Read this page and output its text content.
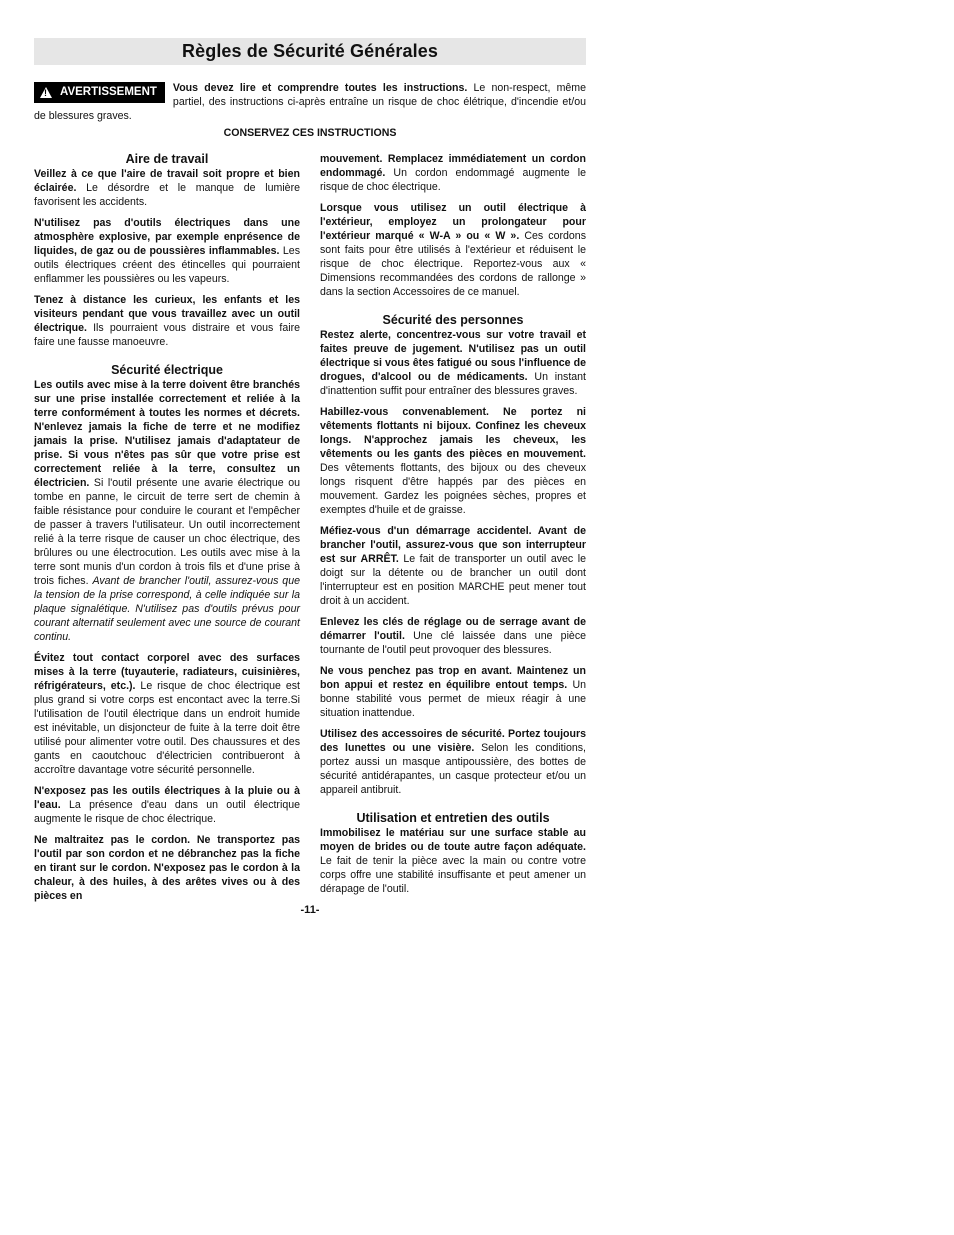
Règles de Sécurité Générales
! AVERTISSEMENT Vous devez lire et comprendre toutes les instructions. Le non-respect, même partiel, des instructions ci-après entraîne un risque de choc élétrique, d'incendie et/ou de blessures graves.
CONSERVEZ CES INSTRUCTIONS
Aire de travail

Veillez à ce que l'aire de travail soit propre et bien éclairée. Le désordre et le manque de lumière favorisent les accidents.

N'utilisez pas d'outils électriques dans une atmosphère explosive, par exemple enprésence de liquides, de gaz ou de poussières inflammables. Les outils électriques créent des étincelles qui pourraient enflammer les poussières ou les vapeurs.

Tenez à distance les curieux, les enfants et les visiteurs pendant que vous travaillez avec un outil électrique. Ils pourraient vous distraire et vous faire faire une fausse manoeuvre.

Sécurité électrique

Les outils avec mise à la terre doivent être branchés sur une prise installée correctement et reliée à la terre conformément à toutes les normes et décrets. N'enlevez jamais la fiche de terre et ne modifiez jamais la prise. N'utilisez jamais d'adaptateur de prise. Si vous n'êtes pas sûr que votre prise est correctement reliée à la terre, consultez un électricien. Si l'outil présente une avarie électrique ou tombe en panne, le circuit de terre sert de chemin à faible résistance pour conduire le courant et l'empêcher de passer à travers l'utilisateur. Un outil incorrectement relié à la terre risque de causer un choc électrique, des brûlures ou une électrocution. Les outils avec mise à la terre sont munis d'un cordon à trois fils et d'une prise à trois fiches. Avant de brancher l'outil, assurez-vous que la tension de la prise correspond, à celle indiquée sur la plaque signalétique. N'utilisez pas d'outils prévus pour courant alternatif seulement avec une source de courant continu.

Évitez tout contact corporel avec des surfaces mises à la terre (tuyauterie, radiateurs, cuisinières, réfrigérateurs, etc.). Le risque de choc électrique est plus grand si votre corps est encontact avec la terre.Si l'utilisation de l'outil électrique dans un endroit humide est inévitable, un disjoncteur de fuite à la terre doit être utilisé pour alimenter votre outil. Des chaussures et des gants en caoutchouc d'électricien contribueront à accroître davantage votre sécurité personnelle.

N'exposez pas les outils électriques à la pluie ou à l'eau. La présence d'eau dans un outil électrique augmente le risque de choc électrique.

Ne maltraitez pas le cordon. Ne transportez pas l'outil par son cordon et ne débranchez pas la fiche en tirant sur le cordon. N'exposez pas le cordon à la chaleur, à des huiles, à des arêtes vives ou à des pièces en

mouvement. Remplacez immédiatement un cordon endommagé. Un cordon endommagé augmente le risque de choc électrique.

Lorsque vous utilisez un outil électrique à l'extérieur, employez un prolongateur pour l'extérieur marqué « W-A » ou « W ». Ces cordons sont faits pour être utilisés à l'extérieur et réduisent le risque de choc électrique. Reportez-vous aux « Dimensions recommandées des cordons de rallonge » dans la section Accessoires de ce manuel.

Sécurité des personnes

Restez alerte, concentrez-vous sur votre travail et faites preuve de jugement. N'utilisez pas un outil électrique si vous êtes fatigué ou sous l'influence de drogues, d'alcool ou de médicaments. Un instant d'inattention suffit pour entraîner des blessures graves.

Habillez-vous convenablement. Ne portez ni vêtements flottants ni bijoux. Confinez les cheveux longs. N'approchez jamais les cheveux, les vêtements ou les gants des pièces en mouvement. Des vêtements flottants, des bijoux ou des cheveux longs risquent d'être happés par des pièces en mouvement. Gardez les poignées sèches, propres et exemptes d'huile et de graisse.

Méfiez-vous d'un démarrage accidentel. Avant de brancher l'outil, assurez-vous que son interrupteur est sur ARRÊT. Le fait de transporter un outil avec le doigt sur la détente ou de brancher un outil dont l'interrupteur est en position MARCHE peut mener tout droit à un accident.

Enlevez les clés de réglage ou de serrage avant de démarrer l'outil. Une clé laissée dans une pièce tournante de l'outil peut provoquer des blessures.

Ne vous penchez pas trop en avant. Maintenez un bon appui et restez en équilibre entout temps. Un bonne stabilité vous permet de mieux réagir à une situation inattendue.

Utilisez des accessoires de sécurité. Portez toujours des lunettes ou une visière. Selon les conditions, portez aussi un masque antipoussière, des bottes de sécurité antidérapantes, un casque protecteur et/ou un appareil antibruit.

Utilisation et entretien des outils

Immobilisez le matériau sur une surface stable au moyen de brides ou de toute autre façon adéquate. Le fait de tenir la pièce avec la main ou contre votre corps offre une stabilité insuffisante et peut amener un dérapage de l'outil.

-11-
